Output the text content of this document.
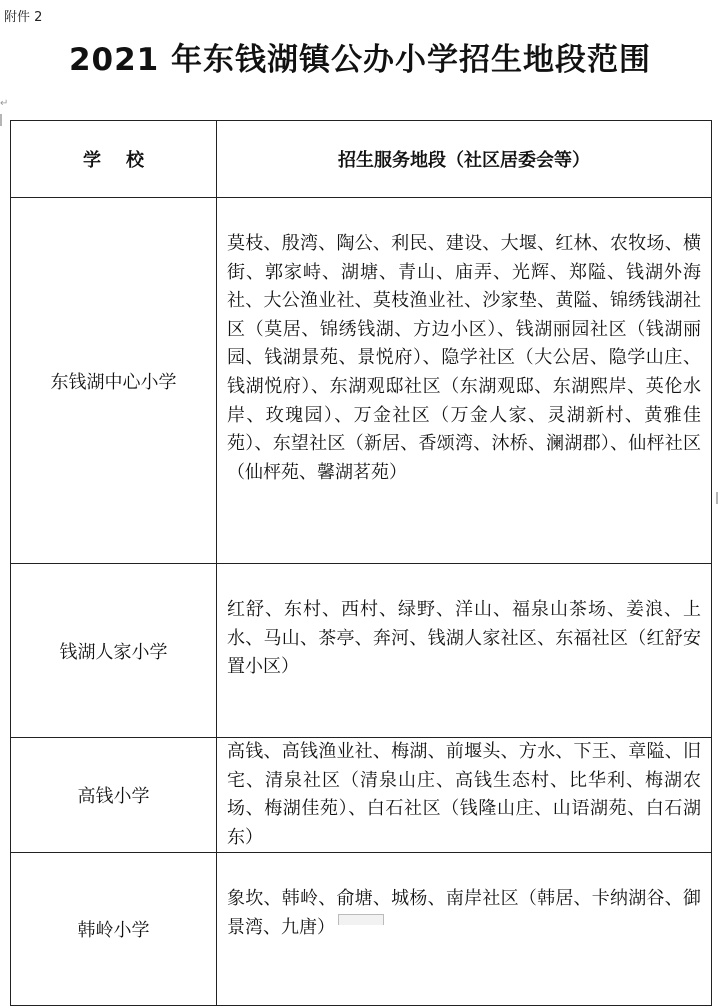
附件 2
2021 年东钱湖镇公办小学招生地段范围
↵
学    校	招生服务地段（社区居委会等）
东钱湖中心小学	莫枝、殷湾、陶公、利民、建设、大堰、红林、农牧场、横街、郭家峙、湖塘、青山、庙弄、光辉、郑隘、钱湖外海社、大公渔业社、莫枝渔业社、沙家垫、黄隘、锦绣钱湖社区（莫居、锦绣钱湖、方边小区）、钱湖丽园社区（钱湖丽园、钱湖景苑、景悦府）、隐学社区（大公居、隐学山庄、钱湖悦府）、东湖观邸社区（东湖观邸、东湖熙岸、英伦水岸、玫瑰园）、万金社区（万金人家、灵湖新村、黄雅佳苑）、东望社区（新居、香颂湾、沐桥、澜湖郡）、仙枰社区（仙枰苑、馨湖茗苑）
钱湖人家小学	红舒、东村、西村、绿野、洋山、福泉山茶场、姜浪、上水、马山、茶亭、奔河、钱湖人家社区、东福社区（红舒安置小区）
高钱小学	高钱、高钱渔业社、梅湖、前堰头、方水、下王、章隘、旧宅、清泉社区（清泉山庄、高钱生态村、比华利、梅湖农场、梅湖佳苑）、白石社区（钱隆山庄、山语湖苑、白石湖东）
韩岭小学	象坎、韩岭、俞塘、城杨、南岸社区（韩居、卡纳湖谷、御景湾、九唐）
